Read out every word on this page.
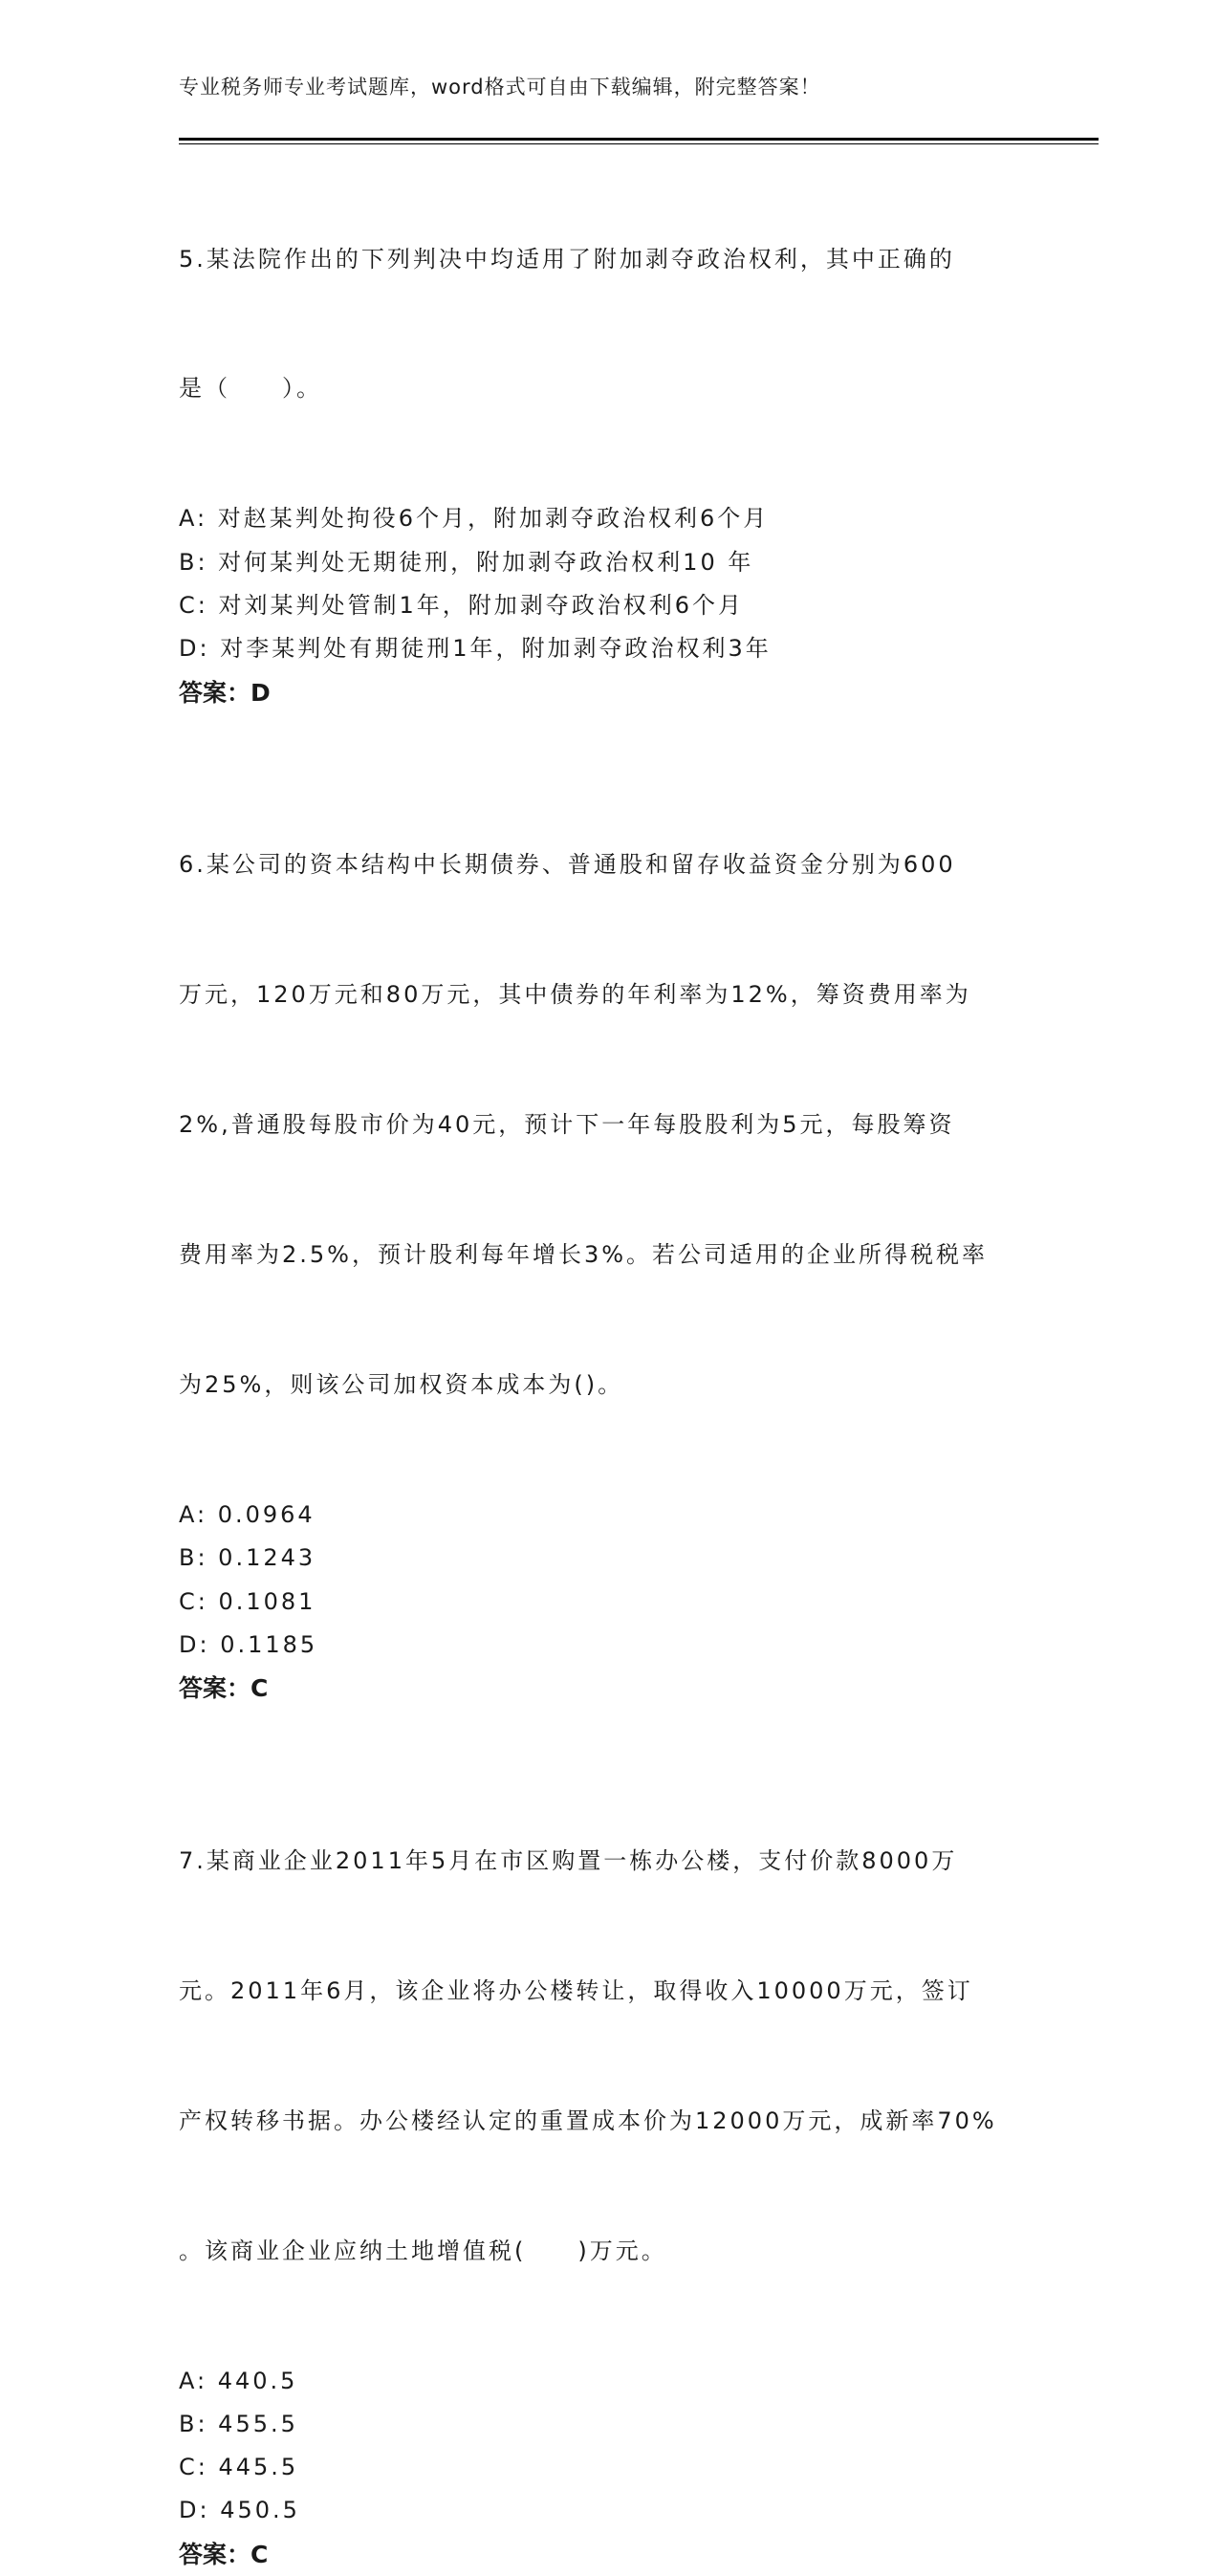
专业税务师专业考试题库，word格式可自由下载编辑，附完整答案！

5.某法院作出的下列判决中均适用了附加剥夺政治权利，其中正确的

是（　　）。

A: 对赵某判处拘役6个月，附加剥夺政治权利6个月
B: 对何某判处无期徒刑，附加剥夺政治权利10 年
C: 对刘某判处管制1年，附加剥夺政治权利6个月
D: 对李某判处有期徒刑1年，附加剥夺政治权利3年
答案：D

6.某公司的资本结构中长期债券、普通股和留存收益资金分别为600

万元，120万元和80万元，其中债券的年利率为12%，筹资费用率为

2%,普通股每股市价为40元，预计下一年每股股利为5元，每股筹资

费用率为2.5%，预计股利每年增长3%。若公司适用的企业所得税税率

为25%，则该公司加权资本成本为()。

A: 0.0964
B: 0.1243
C: 0.1081
D: 0.1185
答案：C

7.某商业企业2011年5月在市区购置一栋办公楼，支付价款8000万

元。2011年6月，该企业将办公楼转让，取得收入10000万元，签订

产权转移书据。办公楼经认定的重置成本价为12000万元，成新率70%

。该商业企业应纳土地增值税(　　)万元。

A: 440.5
B: 455.5
C: 445.5
D: 450.5
答案：C
